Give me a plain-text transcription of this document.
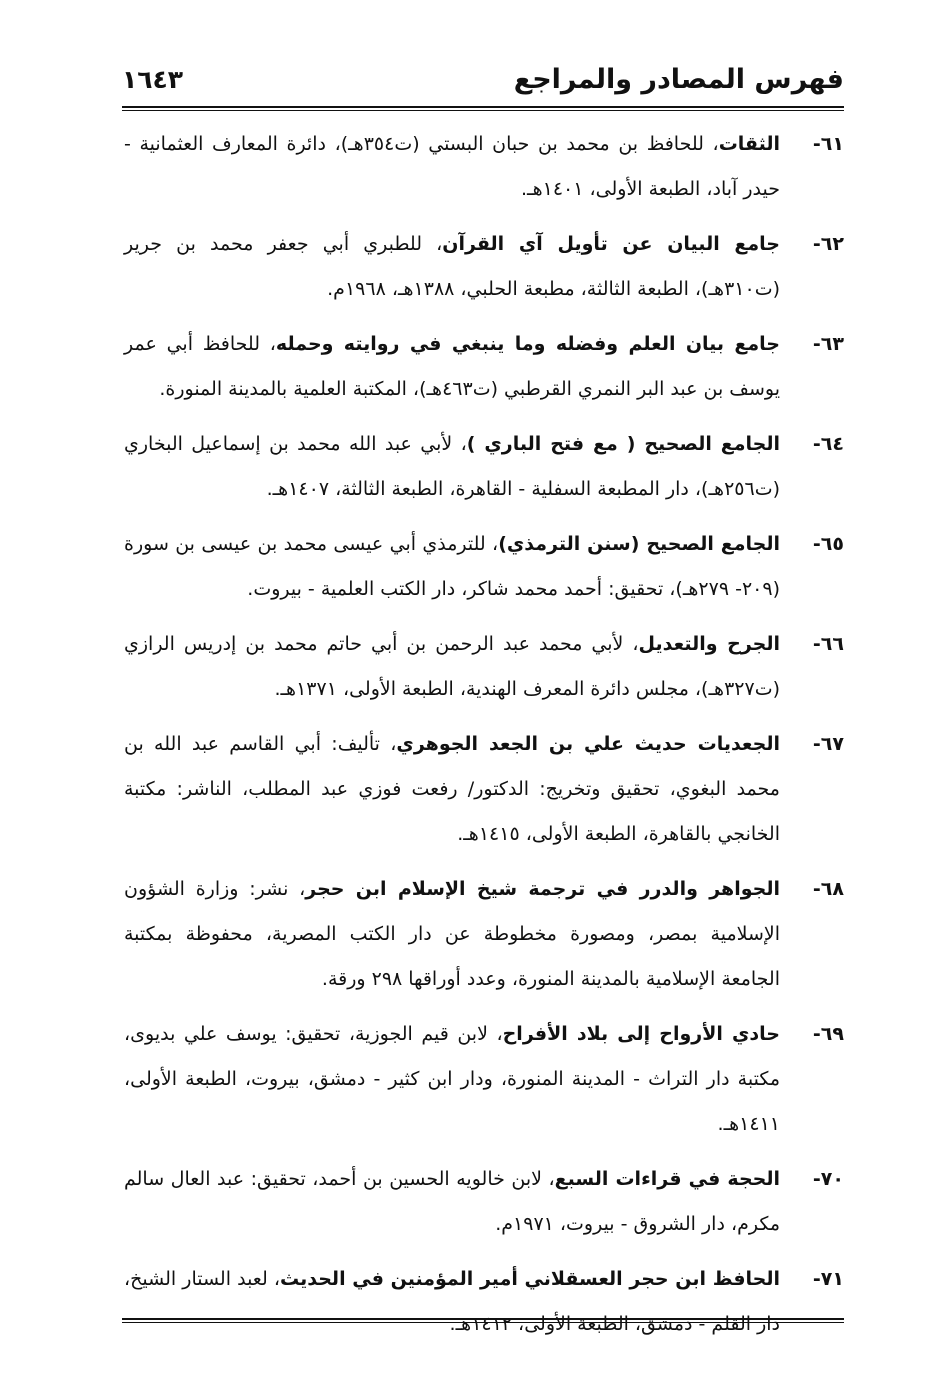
فهرس المصادر والمراجع
١٦٤٣
٦١-
الثقات، للحافظ بن محمد بن حبان البستي (ت٣٥٤هـ)، دائرة المعارف العثمانية - حيدر آباد، الطبعة الأولى، ١٤٠١هـ.
٦٢-
جامع البيان عن تأويل آي القرآن، للطبري أبي جعفر محمد بن جرير (ت٣١٠هـ)، الطبعة الثالثة، مطبعة الحلبي، ١٣٨٨هـ، ١٩٦٨م.
٦٣-
جامع بيان العلم وفضله وما ينبغي في روايته وحمله، للحافظ أبي عمر يوسف بن عبد البر النمري القرطبي (ت٤٦٣هـ)، المكتبة العلمية بالمدينة المنورة.
٦٤-
الجامع الصحيح ( مع فتح الباري )، لأبي عبد الله محمد بن إسماعيل البخاري (ت٢٥٦هـ)، دار المطبعة السفلية - القاهرة، الطبعة الثالثة، ١٤٠٧هـ.
٦٥-
الجامع الصحيح (سنن الترمذي)، للترمذي أبي عيسى محمد بن عيسى بن سورة (٢٠٩- ٢٧٩هـ)، تحقيق: أحمد محمد شاكر، دار الكتب العلمية - بيروت.
٦٦-
الجرح والتعديل، لأبي محمد عبد الرحمن بن أبي حاتم محمد بن إدريس الرازي (ت٣٢٧هـ)، مجلس دائرة المعرف الهندية، الطبعة الأولى، ١٣٧١هـ.
٦٧-
الجعديات حديث علي بن الجعد الجوهري، تأليف: أبي القاسم عبد الله بن محمد البغوي، تحقيق وتخريج: الدكتور/ رفعت فوزي عبد المطلب، الناشر: مكتبة الخانجي بالقاهرة، الطبعة الأولى، ١٤١٥هـ.
٦٨-
الجواهر والدرر في ترجمة شيخ الإسلام ابن حجر، نشر: وزارة الشؤون الإسلامية بمصر، ومصورة مخطوطة عن دار الكتب المصرية، محفوظة بمكتبة الجامعة الإسلامية بالمدينة المنورة، وعدد أوراقها ٢٩٨ ورقة.
٦٩-
حادي الأرواح إلى بلاد الأفراح، لابن قيم الجوزية، تحقيق: يوسف علي بديوى، مكتبة دار التراث - المدينة المنورة، ودار ابن كثير - دمشق، بيروت، الطبعة الأولى، ١٤١١هـ.
٧٠-
الحجة في قراءات السبع، لابن خالويه الحسين بن أحمد، تحقيق: عبد العال سالم مكرم، دار الشروق - بيروت، ١٩٧١م.
٧١-
الحافظ ابن حجر العسقلاني أمير المؤمنين في الحديث، لعبد الستار الشيخ، دار القلم - دمشق، الطبعة الأولى، ١٤١٢هـ.
